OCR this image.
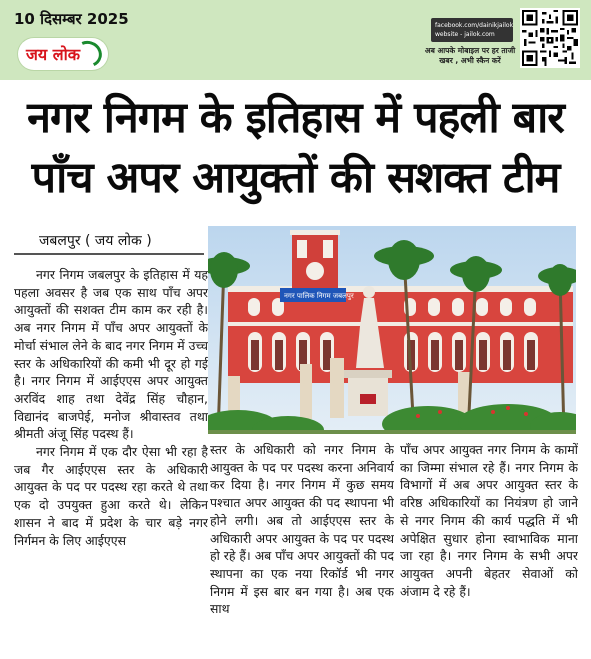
10 दिसम्बर 2025
जय लोक
facebook.com/dainikjailok
website - jailok.com
अब आपके मोबाइल पर हर ताजी खबर , अभी स्कैन करें
नगर निगम के इतिहास में पहली बार
पाँच अपर आयुक्तों की सशक्त टीम
जबलपुर ( जय लोक )
नगर पालिक निगम जबलपुर

नगर निगम जबलपुर के इतिहास में यह पहला अवसर है जब एक साथ पाँच अपर आयुक्तों की सशक्त टीम काम कर रही है। अब नगर निगम में पाँच अपर आयुक्तों के मोर्चा संभाल लेने के बाद नगर निगम में उच्च स्तर के अधिकारियों की कमी भी दूर हो गई है। नगर निगम में आईएएस अपर आयुक्त अरविंद शाह तथा देवेंद्र सिंह चौहान, विद्यानंद बाजपेई, मनोज श्रीवास्तव तथा श्रीमती अंजू सिंह पदस्थ हैं।

नगर निगम में एक दौर ऐसा भी रहा है जब गैर आईएएस स्तर के अधिकारी आयुक्त के पद पर पदस्थ रहा करते थे तथा एक दो उपयुक्त हुआ करते थे। लेकिन शासन ने बाद में प्रदेश के चार बड़े नगर निर्गमन के लिए आईएएस

स्तर के अधिकारी को नगर निगम के आयुक्त के पद पर पदस्थ करना अनिवार्य कर दिया है। नगर निगम में कुछ समय पश्चात अपर आयुक्त की पद स्थापना भी होने लगी। अब तो आईएएस स्तर के अधिकारी अपर आयुक्त के पद पर पदस्थ हो रहे हैं। अब पाँच अपर आयुक्तों की पद स्थापना का एक नया रिकॉर्ड भी नगर निगम में इस बार बन गया है। अब एक साथ
पाँच अपर आयुक्त नगर निगम के कामों का जिम्मा संभाल रहे हैं। नगर निगम के विभागों में अब अपर आयुक्त स्तर के वरिष्ठ अधिकारियों का नियंत्रण हो जाने से नगर निगम की कार्य पद्धति में भी अपेक्षित सुधार होना स्वाभाविक माना जा रहा है। नगर निगम के सभी अपर आयुक्त अपनी बेहतर सेवाओं को अंजाम दे रहे हैं।
